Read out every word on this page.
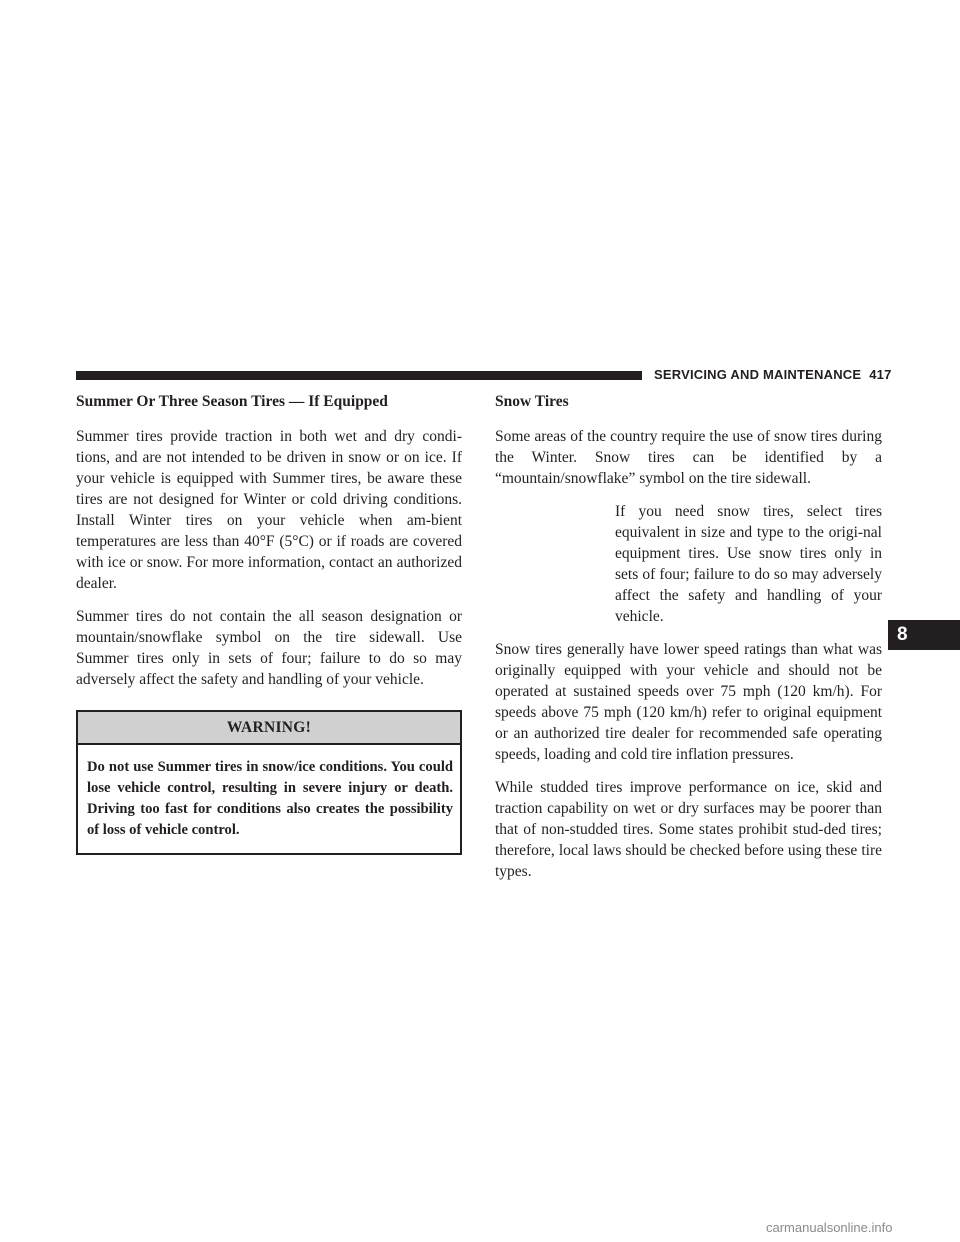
SERVICING AND MAINTENANCE 417
Summer Or Three Season Tires — If Equipped

Summer tires provide traction in both wet and dry condi-tions, and are not intended to be driven in snow or on ice. If your vehicle is equipped with Summer tires, be aware these tires are not designed for Winter or cold driving conditions. Install Winter tires on your vehicle when am-bient temperatures are less than 40°F (5°C) or if roads are covered with ice or snow. For more information, contact an authorized dealer.

Summer tires do not contain the all season designation or mountain/snowflake symbol on the tire sidewall. Use Summer tires only in sets of four; failure to do so may adversely affect the safety and handling of your vehicle.

WARNING!
Do not use Summer tires in snow/ice conditions. You could lose vehicle control, resulting in severe injury or death. Driving too fast for conditions also creates the possibility of loss of vehicle control.
Snow Tires

Some areas of the country require the use of snow tires during the Winter. Snow tires can be identified by a “mountain/snowflake” symbol on the tire sidewall.

If you need snow tires, select tires equivalent in size and type to the origi-nal equipment tires. Use snow tires only in sets of four; failure to do so may adversely affect the safety and handling of your vehicle.

Snow tires generally have lower speed ratings than what was originally equipped with your vehicle and should not be operated at sustained speeds over 75 mph (120 km/h). For speeds above 75 mph (120 km/h) refer to original equipment or an authorized tire dealer for recommended safe operating speeds, loading and cold tire inflation pressures.

While studded tires improve performance on ice, skid and traction capability on wet or dry surfaces may be poorer than that of non-studded tires. Some states prohibit stud-ded tires; therefore, local laws should be checked before using these tire types.

8
carmanualsonline.info
